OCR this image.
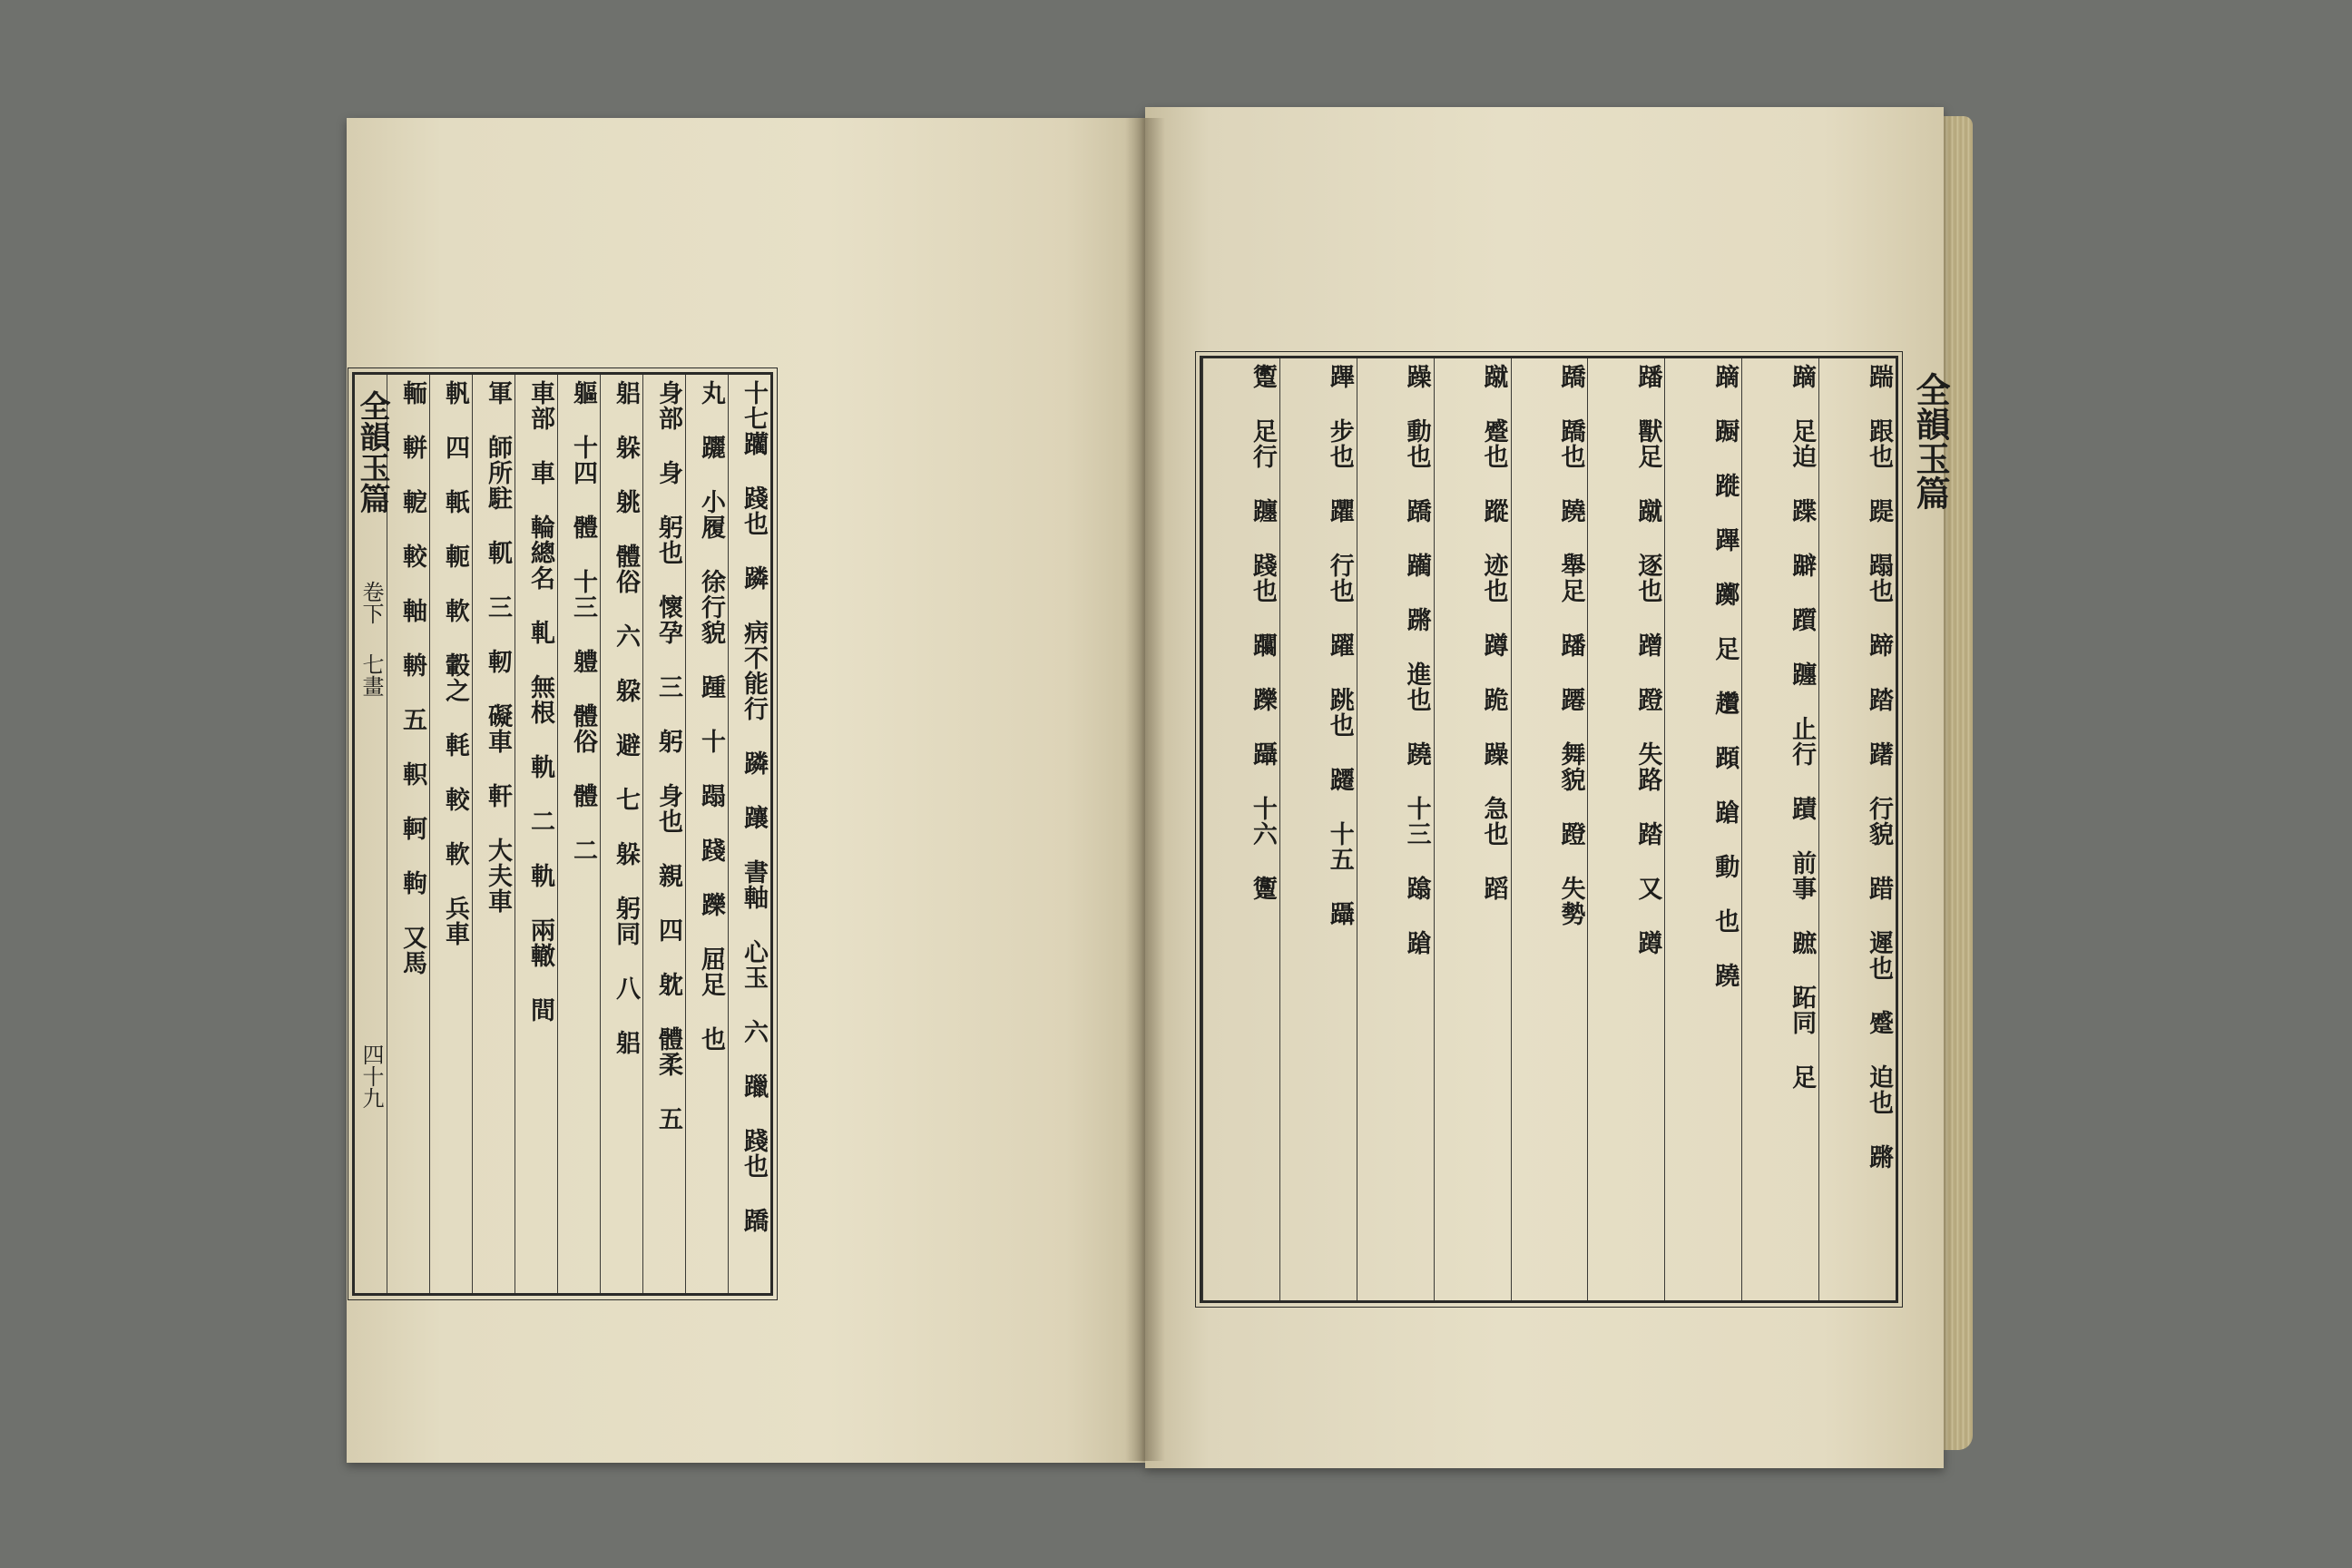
十七躪 踐也 蹸 病不能行 蹸 躟 書軸 心玉 六 躐 踐也 蹻
丸 躧 小履 徐行貌 踵 十 蹋 踐 躒 屈足 也
身部 身 躬也 懷孕 三 躬 身也 親 四 躭 體柔 五
躳 躲 䠷 體俗 六 躱 避 七 躲 躬同 八 躳
軀 十四 體 十三 軆 體俗 體 二
車部 車 輪總名 軋 無根 軌 二 軌 兩轍 間
軍 師所駐 軏 三 軔 礙車 軒 大夫車
軓 四 軝 軛 軟 轂之 軞 較 軟 兵車
輀 軿 軶 較 軸 輈 五 軹 軻 軥 又馬
全韻玉篇
卷下
七畫
四十九	踹 跟也 踶 蹋也 蹄 踏 躇 行貌 踖 遲也 蹙 迫也 蹡
蹢 足迫 蹀 躃 躓 躔 止行 蹟 前事 蹠 跖同 足
蹢 蹰 蹝 蹕 躑 足 趲 蹞 蹌 動 也 蹺
蹯 獸足 蹴 逐也 蹭 蹬 失路 踏 又 蹲
蹻 蹻也 蹺 舉足 蹯 蹮 舞貌 蹬 失勢
蹴 蹙也 蹤 迹也 蹲 跪 躁 急也 蹈
躁 動也 蹻 躏 蹡 進也 蹺 十三 蹹 蹌
蹕 步也 躣 行也 躍 跳也 躚 十五 躡
躗 足行 躔 踐也 躢 躒 躡 十六 躛	全韻玉篇
